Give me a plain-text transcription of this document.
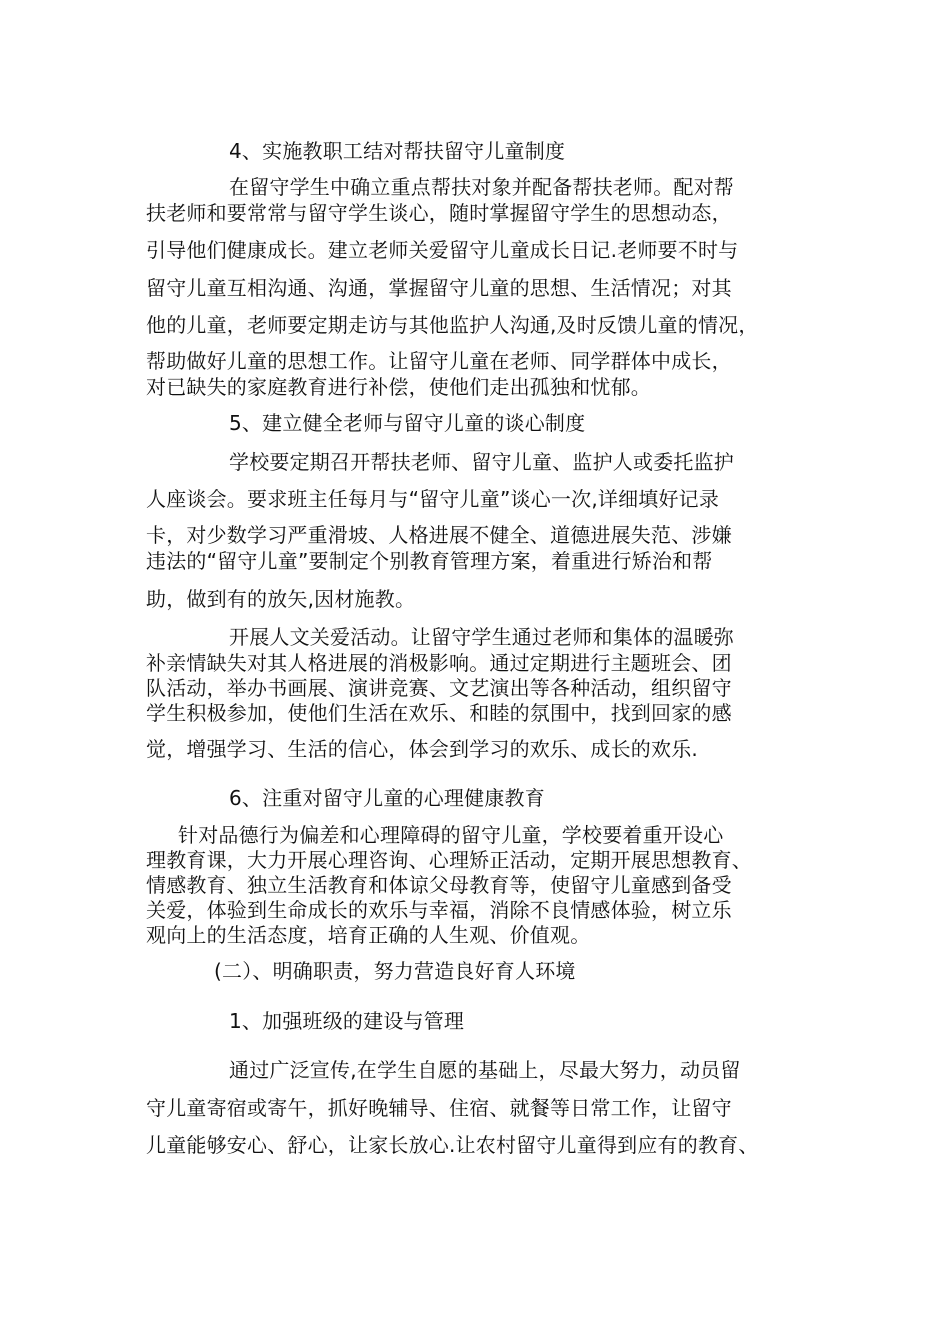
4、实施教职工结对帮扶留守儿童制度
在留守学生中确立重点帮扶对象并配备帮扶老师。配对帮
扶老师和要常常与留守学生谈心，随时掌握留守学生的思想动态，
引导他们健康成长。建立老师关爱留守儿童成长日记.老师要不时与
留守儿童互相沟通、沟通，掌握留守儿童的思想、生活情况；对其
他的儿童，老师要定期走访与其他监护人沟通,及时反馈儿童的情况，
帮助做好儿童的思想工作。让留守儿童在老师、同学群体中成长，
对已缺失的家庭教育进行补偿，使他们走出孤独和忧郁。
5、建立健全老师与留守儿童的谈心制度
学校要定期召开帮扶老师、留守儿童、监护人或委托监护
人座谈会。要求班主任每月与“留守儿童”谈心一次,详细填好记录
卡，对少数学习严重滑坡、人格进展不健全、道德进展失范、涉嫌
违法的“留守儿童”要制定个别教育管理方案，着重进行矫治和帮
助，做到有的放矢,因材施教。
开展人文关爱活动。让留守学生通过老师和集体的温暖弥
补亲情缺失对其人格进展的消极影响。通过定期进行主题班会、团
队活动，举办书画展、演讲竞赛、文艺演出等各种活动，组织留守
学生积极参加，使他们生活在欢乐、和睦的氛围中，找到回家的感
觉，增强学习、生活的信心，体会到学习的欢乐、成长的欢乐.
6、注重对留守儿童的心理健康教育
针对品德行为偏差和心理障碍的留守儿童，学校要着重开设心
理教育课，大力开展心理咨询、心理矫正活动，定期开展思想教育、
情感教育、独立生活教育和体谅父母教育等，使留守儿童感到备受
关爱，体验到生命成长的欢乐与幸福，消除不良情感体验，树立乐
观向上的生活态度，培育正确的人生观、价值观。
(二）、明确职责，努力营造良好育人环境
1、加强班级的建设与管理
通过广泛宣传,在学生自愿的基础上，尽最大努力，动员留
守儿童寄宿或寄午，抓好晚辅导、住宿、就餐等日常工作，让留守
儿童能够安心、舒心，让家长放心.让农村留守儿童得到应有的教育、
